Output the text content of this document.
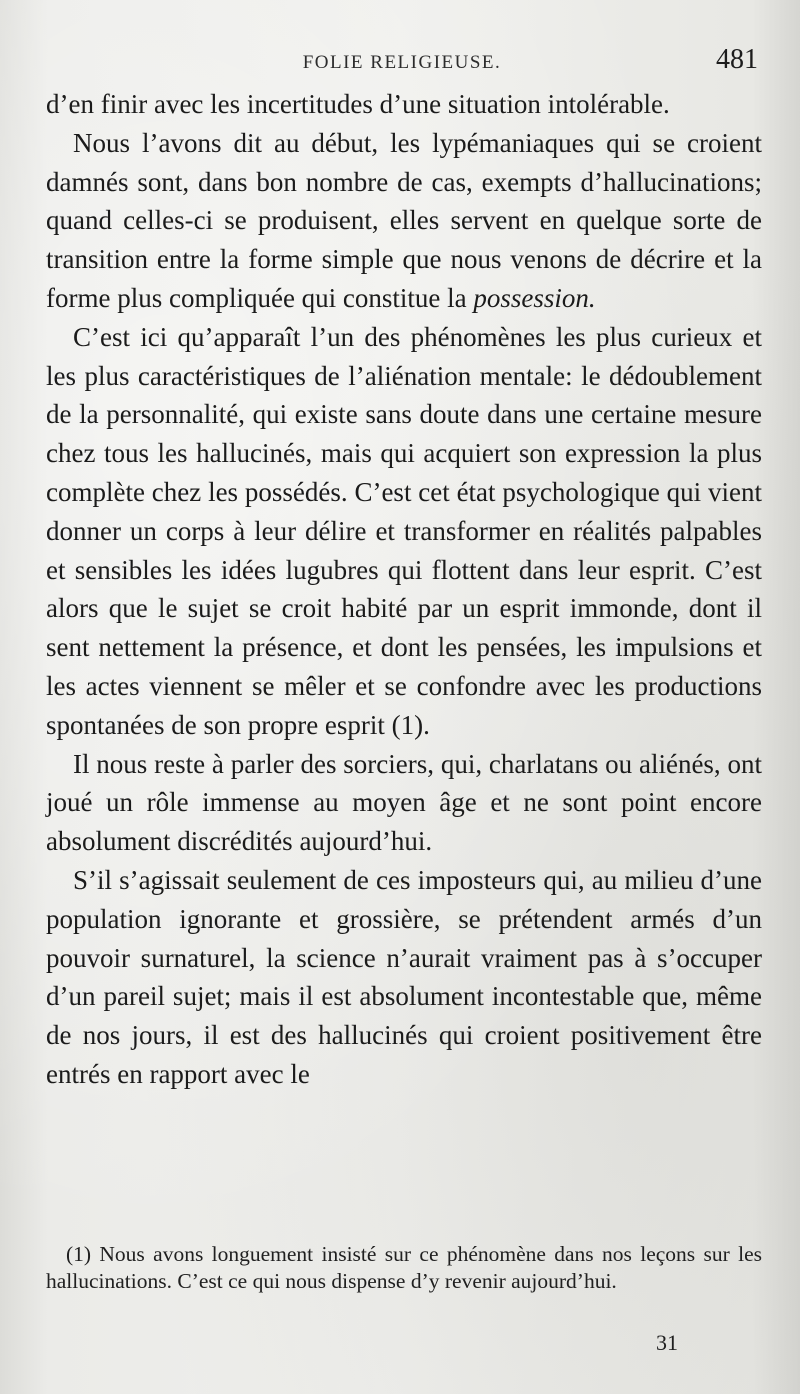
FOLIE RELIGIEUSE.	481

d’en finir avec les incertitudes d’une situation intolérable.

Nous l’avons dit au début, les lypémaniaques qui se croient damnés sont, dans bon nombre de cas, exempts d’hallucinations; quand celles-ci se produisent, elles servent en quelque sorte de transition entre la forme simple que nous venons de décrire et la forme plus compliquée qui constitue la possession.

C’est ici qu’apparaît l’un des phénomènes les plus curieux et les plus caractéristiques de l’aliénation mentale: le dédoublement de la personnalité, qui existe sans doute dans une certaine mesure chez tous les hallucinés, mais qui acquiert son expression la plus complète chez les possédés. C’est cet état psychologique qui vient donner un corps à leur délire et transformer en réalités palpables et sensibles les idées lugubres qui flottent dans leur esprit. C’est alors que le sujet se croit habité par un esprit immonde, dont il sent nettement la présence, et dont les pensées, les impulsions et les actes viennent se mêler et se confondre avec les productions spontanées de son propre esprit (1).

Il nous reste à parler des sorciers, qui, charlatans ou aliénés, ont joué un rôle immense au moyen âge et ne sont point encore absolument discrédités aujourd’hui.

S’il s’agissait seulement de ces imposteurs qui, au milieu d’une population ignorante et grossière, se prétendent armés d’un pouvoir surnaturel, la science n’aurait vraiment pas à s’occuper d’un pareil sujet; mais il est absolument incontestable que, même de nos jours, il est des hallucinés qui croient positivement être entrés en rapport avec le

(1) Nous avons longuement insisté sur ce phénomène dans nos leçons sur les hallucinations. C’est ce qui nous dispense d’y revenir aujourd’hui.
31
